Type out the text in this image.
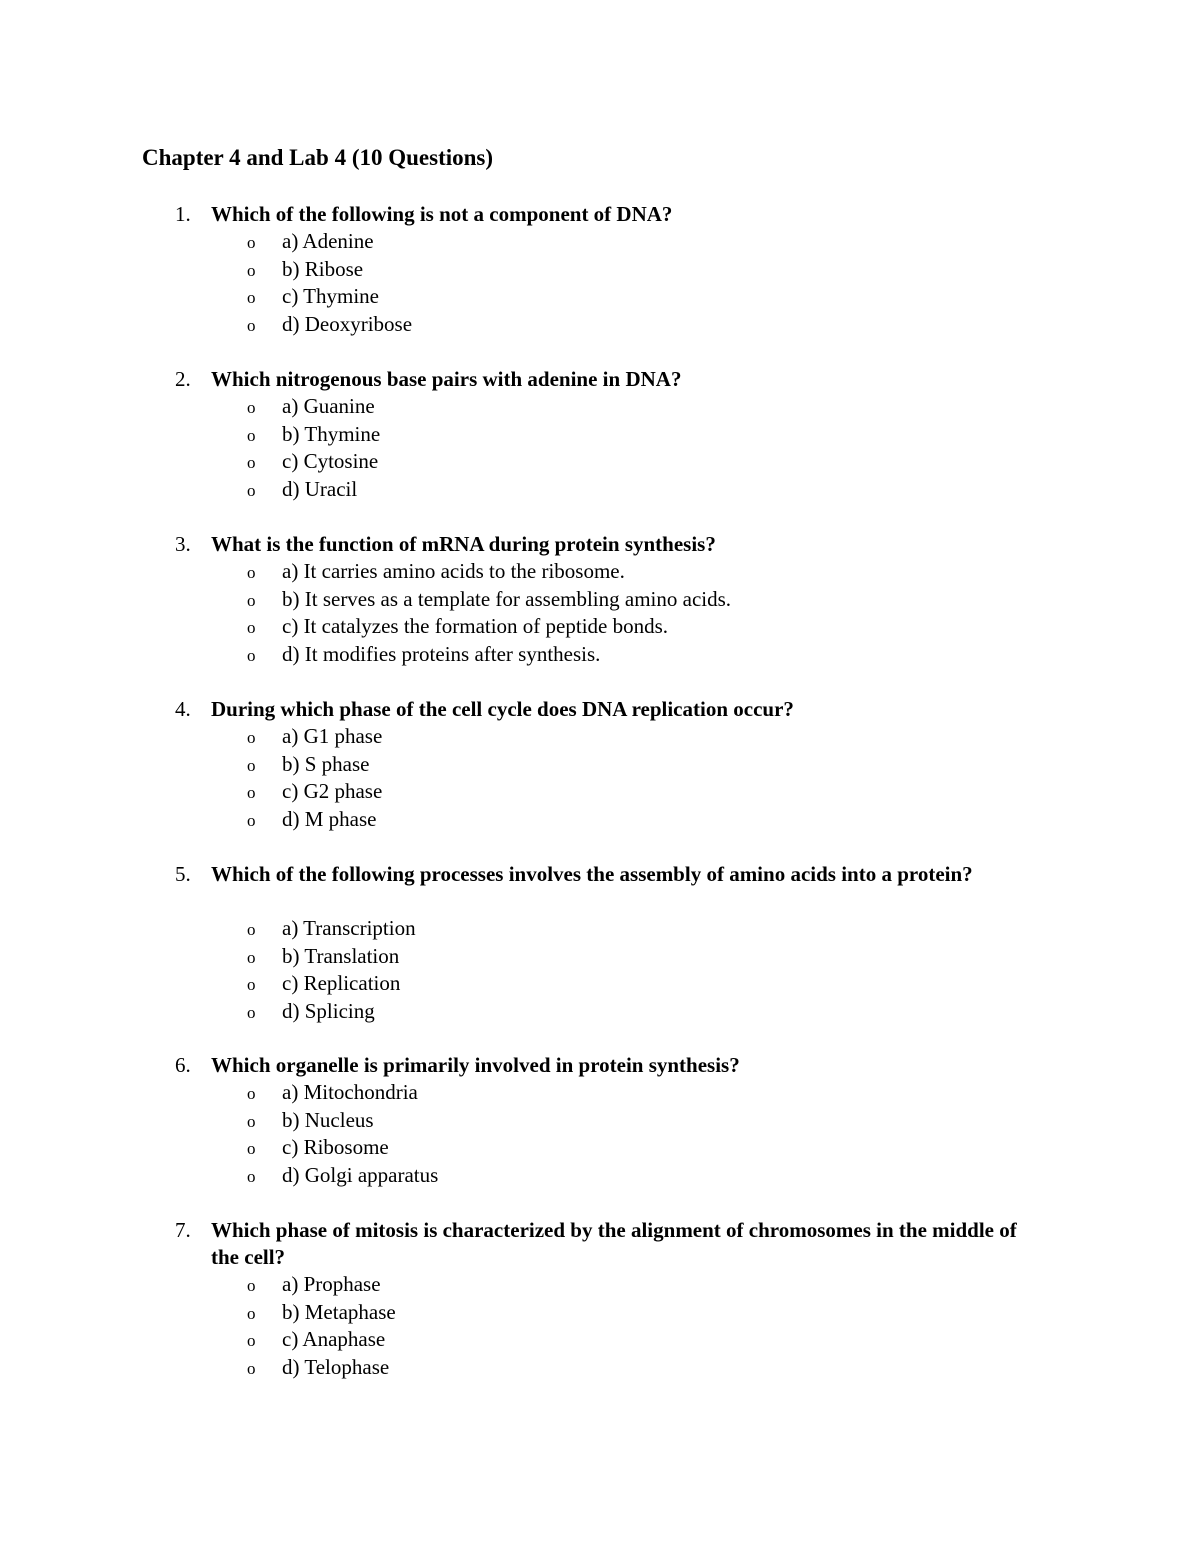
Chapter 4 and Lab 4 (10 Questions)
1. Which of the following is not a component of DNA?
o a) Adenine
o b) Ribose
o c) Thymine
o d) Deoxyribose
2. Which nitrogenous base pairs with adenine in DNA?
o a) Guanine
o b) Thymine
o c) Cytosine
o d) Uracil
3. What is the function of mRNA during protein synthesis?
o a) It carries amino acids to the ribosome.
o b) It serves as a template for assembling amino acids.
o c) It catalyzes the formation of peptide bonds.
o d) It modifies proteins after synthesis.
4. During which phase of the cell cycle does DNA replication occur?
o a) G1 phase
o b) S phase
o c) G2 phase
o d) M phase
5. Which of the following processes involves the assembly of amino acids into a protein?
o a) Transcription
o b) Translation
o c) Replication
o d) Splicing
6. Which organelle is primarily involved in protein synthesis?
o a) Mitochondria
o b) Nucleus
o c) Ribosome
o d) Golgi apparatus
7. Which phase of mitosis is characterized by the alignment of chromosomes in the middle of the cell?
o a) Prophase
o b) Metaphase
o c) Anaphase
o d) Telophase
